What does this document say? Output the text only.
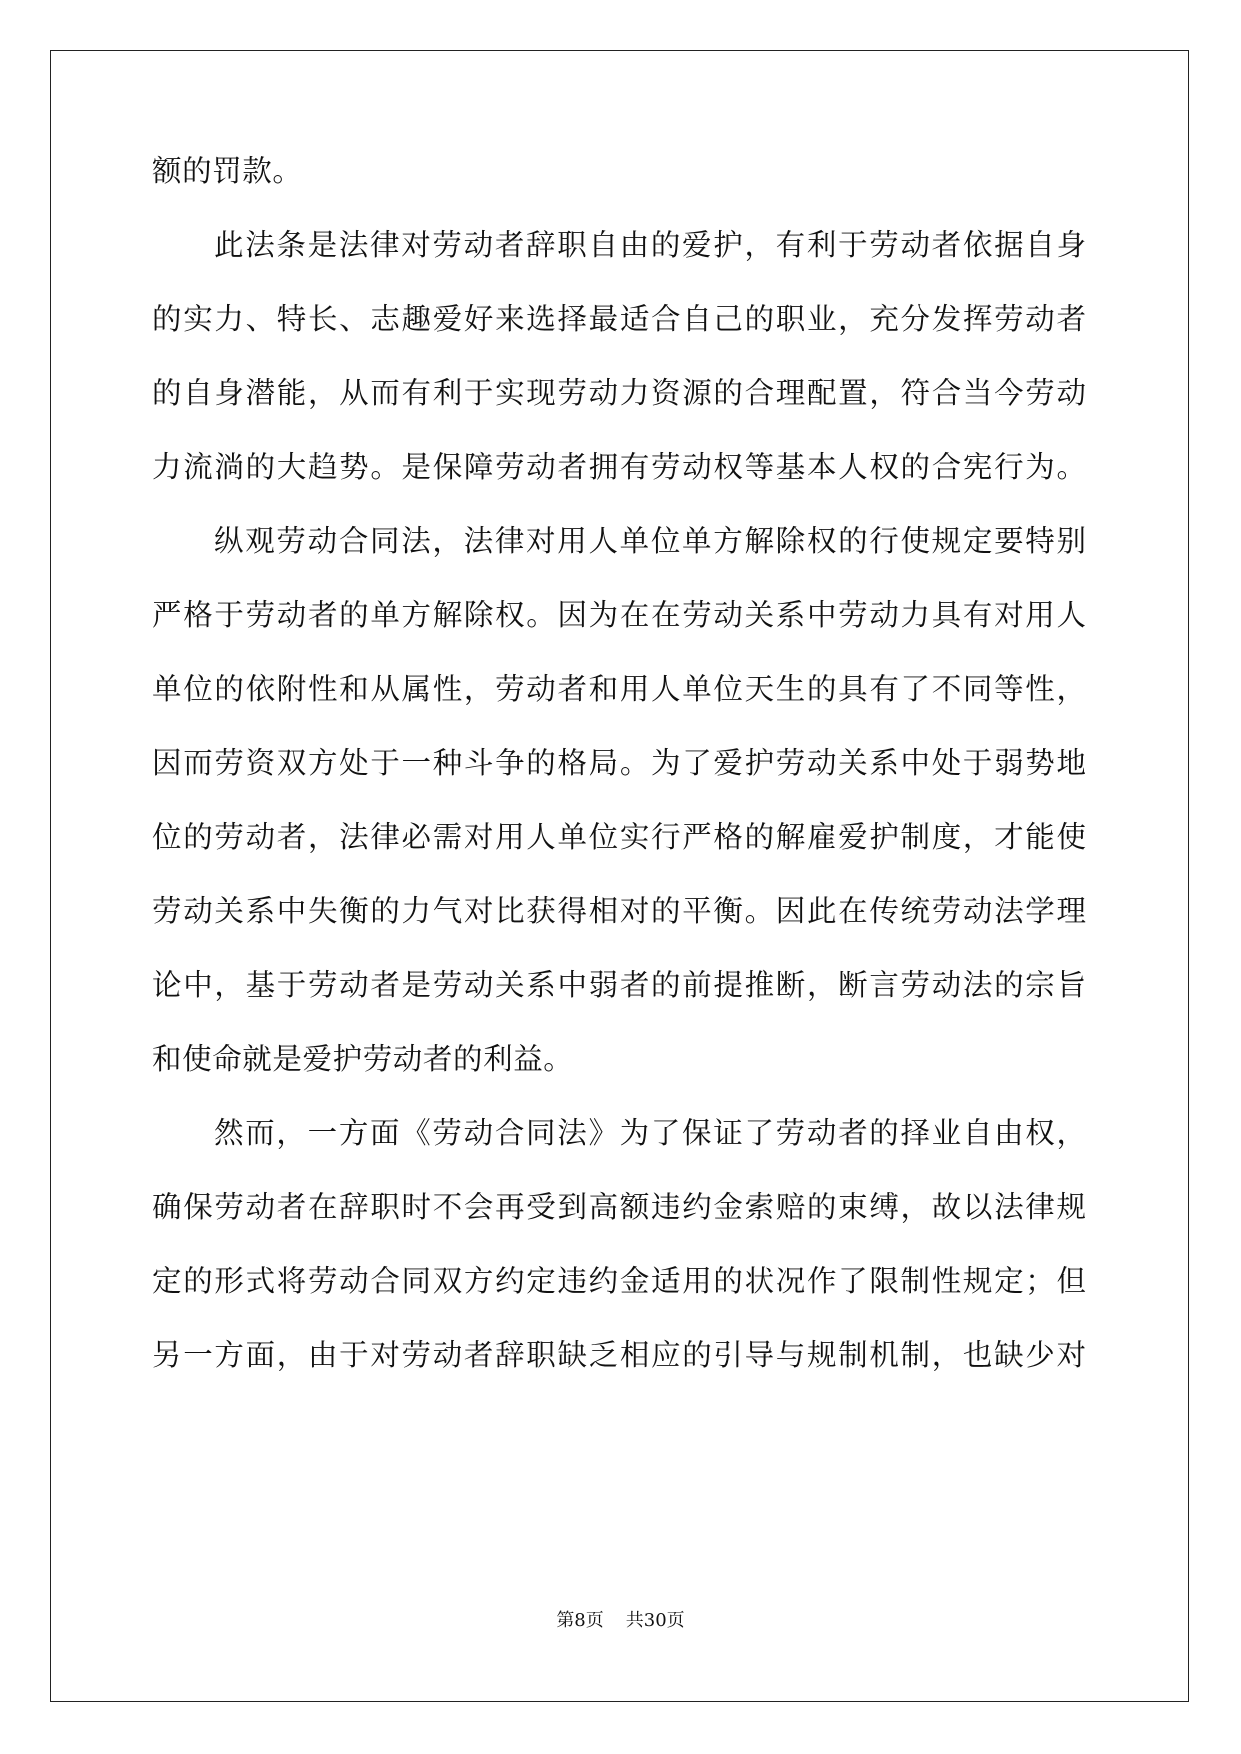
额的罚款。
此法条是法律对劳动者辞职自由的爱护，有利于劳动者依据自身
的实力、特长、志趣爱好来选择最适合自己的职业，充分发挥劳动者
的自身潜能，从而有利于实现劳动力资源的合理配置，符合当今劳动
力流淌的大趋势。是保障劳动者拥有劳动权等基本人权的合宪行为。
纵观劳动合同法，法律对用人单位单方解除权的行使规定要特别
严格于劳动者的单方解除权。因为在在劳动关系中劳动力具有对用人
单位的依附性和从属性，劳动者和用人单位天生的具有了不同等性，
因而劳资双方处于一种斗争的格局。为了爱护劳动关系中处于弱势地
位的劳动者，法律必需对用人单位实行严格的解雇爱护制度，才能使
劳动关系中失衡的力气对比获得相对的平衡。因此在传统劳动法学理
论中，基于劳动者是劳动关系中弱者的前提推断，断言劳动法的宗旨
和使命就是爱护劳动者的利益。
然而，一方面《劳动合同法》为了保证了劳动者的择业自由权，
确保劳动者在辞职时不会再受到高额违约金索赔的束缚，故以法律规
定的形式将劳动合同双方约定违约金适用的状况作了限制性规定；但
另一方面，由于对劳动者辞职缺乏相应的引导与规制机制，也缺少对
第8页 共30页
